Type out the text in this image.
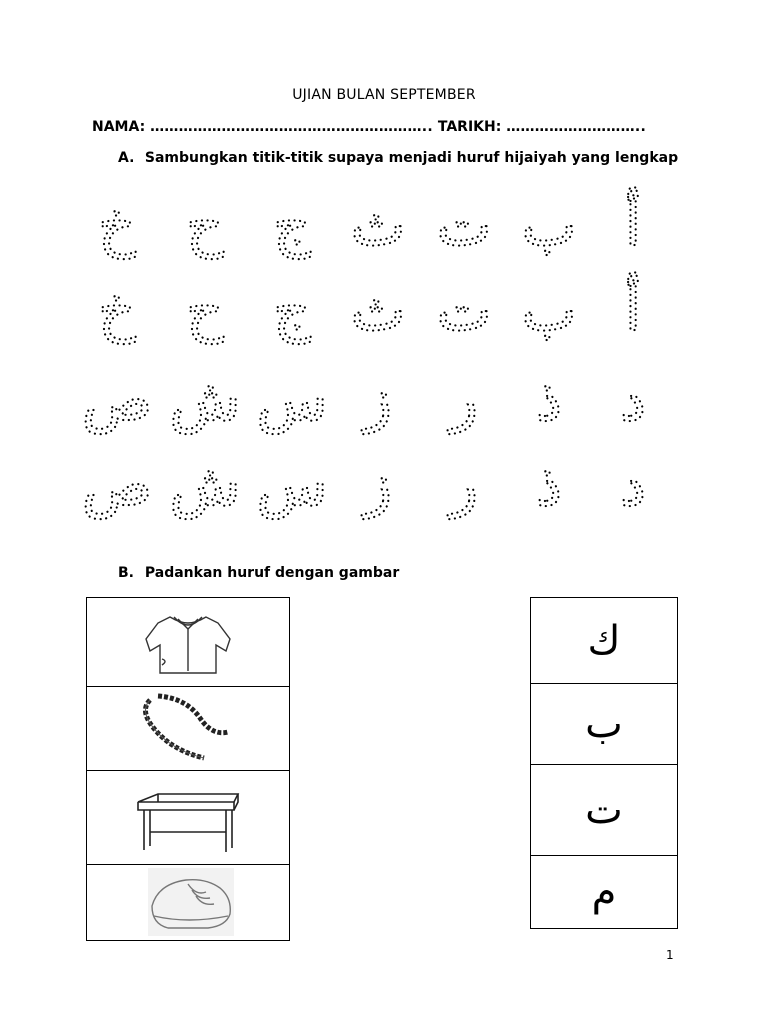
UJIAN BULAN SEPTEMBER
NAMA: ………………………………………………….. TARIKH: ………………………..
A. Sambungkan titik-titik supaya menjadi huruf hijaiyah yang lengkap
أ
ب
ت
ث
ج
ح
خ
أ
ب
ت
ث
ج
ح
خ
د
ذ
ر
ز
س
ش
ص
د
ذ
ر
ز
س
ش
ص
B. Padankan huruf dengan gambar

ك
ب
ت
م
1
